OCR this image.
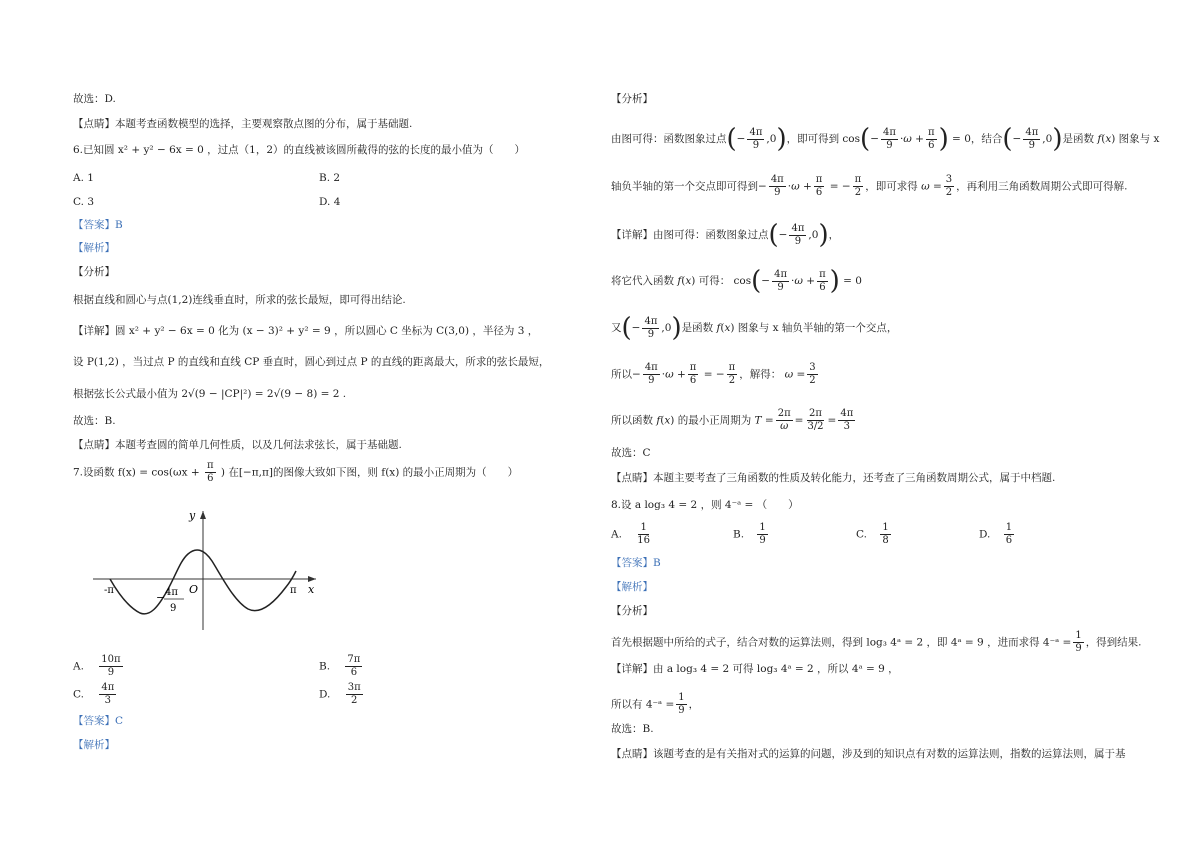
故选：D.
【点睛】本题考查函数模型的选择，主要观察散点图的分布，属于基础题.
6.已知圆 x² + y² − 6x = 0 ，过点（1，2）的直线被该圆所截得的弦的长度的最小值为（　　）
A. 1	B. 2
C. 3	D. 4
【答案】B
【解析】
【分析】
根据直线和圆心与点(1,2)连线垂直时，所求的弦长最短，即可得出结论.
【详解】圆 x² + y² − 6x = 0 化为 (x − 3)² + y² = 9 ，所以圆心 C 坐标为 C(3,0) ，半径为 3 ，
设 P(1,2) ，当过点 P 的直线和直线 CP 垂直时，圆心到过点 P 的直线的距离最大，所求的弦长最短，
根据弦长公式最小值为 2√(9 − |CP|²) = 2√(9 − 8) = 2 .
故选：B.
【点睛】本题考查圆的简单几何性质，以及几何法求弦长，属于基础题.
7.设函数 $f(x) = \cos(\omega x + \frac{\pi}{6}$ ) 在[−π,π]的图像大致如下图，则 f(x) 的最小正周期为（　　）
y
x
O
-π	π
− 4π
9
A. $\frac{10\pi}{9}$	B. $\frac{7\pi}{6}$
C. $\frac{4\pi}{3}$	D. $\frac{3\pi}{2}$
【答案】C
【解析】
【分析】
由图可得：函数图象过点(− $\frac{4\pi}{9} ,0$)，即可得到 $\cos(- \frac{4\pi}{9} \cdot\omega + \frac{\pi}{6}$ ) = 0，结合(− $\frac{4\pi}{9} ,0$)是函数 f(x) 图象与 x
轴负半轴的第一个交点即可得到− $\frac{4\pi}{9} \cdot\omega + \frac{\pi}{6}$ = − $\frac{\pi}{2}$ ，即可求得 $\omega = \frac{3}{2}$ ，再利用三角函数周期公式即可得解.
【详解】由图可得：函数图象过点(− $\frac{4\pi}{9} ,0$)，
将它代入函数 f(x) 可得： $\cos(- \frac{4\pi}{9} \cdot\omega + \frac{\pi}{6}$ ) = 0
又(− $\frac{4\pi}{9} ,0$)是函数 f(x) 图象与 x 轴负半轴的第一个交点，
所以− $\frac{4\pi}{9} \cdot\omega + \frac{\pi}{6}$ = − $\frac{\pi}{2}$ ，解得： $\omega = \frac{3}{2}$
所以函数 f(x) 的最小正周期为 $T = \frac{2\pi}{\omega} = \frac{2\pi}{3/2} = \frac{4\pi}{3}$
故选：C
【点睛】本题主要考查了三角函数的性质及转化能力，还考查了三角函数周期公式，属于中档题.
8.设 a log₃ 4 = 2 ，则 4⁻ᵃ = （　　）
A. $\frac{1}{16}$	B. $\frac{1}{9}$	C. $\frac{1}{8}$	D. $\frac{1}{6}$
【答案】B
【解析】
【分析】
首先根据题中所给的式子，结合对数的运算法则，得到 log₃ 4ᵃ = 2 ，即 4ᵃ = 9 ，进而求得 4⁻ᵃ = $\frac{1}{9}$ ，得到结果.
【详解】由 a log₃ 4 = 2 可得 log₃ 4ᵃ = 2 ，所以 4ᵃ = 9 ，
所以有 4⁻ᵃ = $\frac{1}{9}$ ，
故选：B.
【点睛】该题考查的是有关指对式的运算的问题，涉及到的知识点有对数的运算法则，指数的运算法则，属于基
